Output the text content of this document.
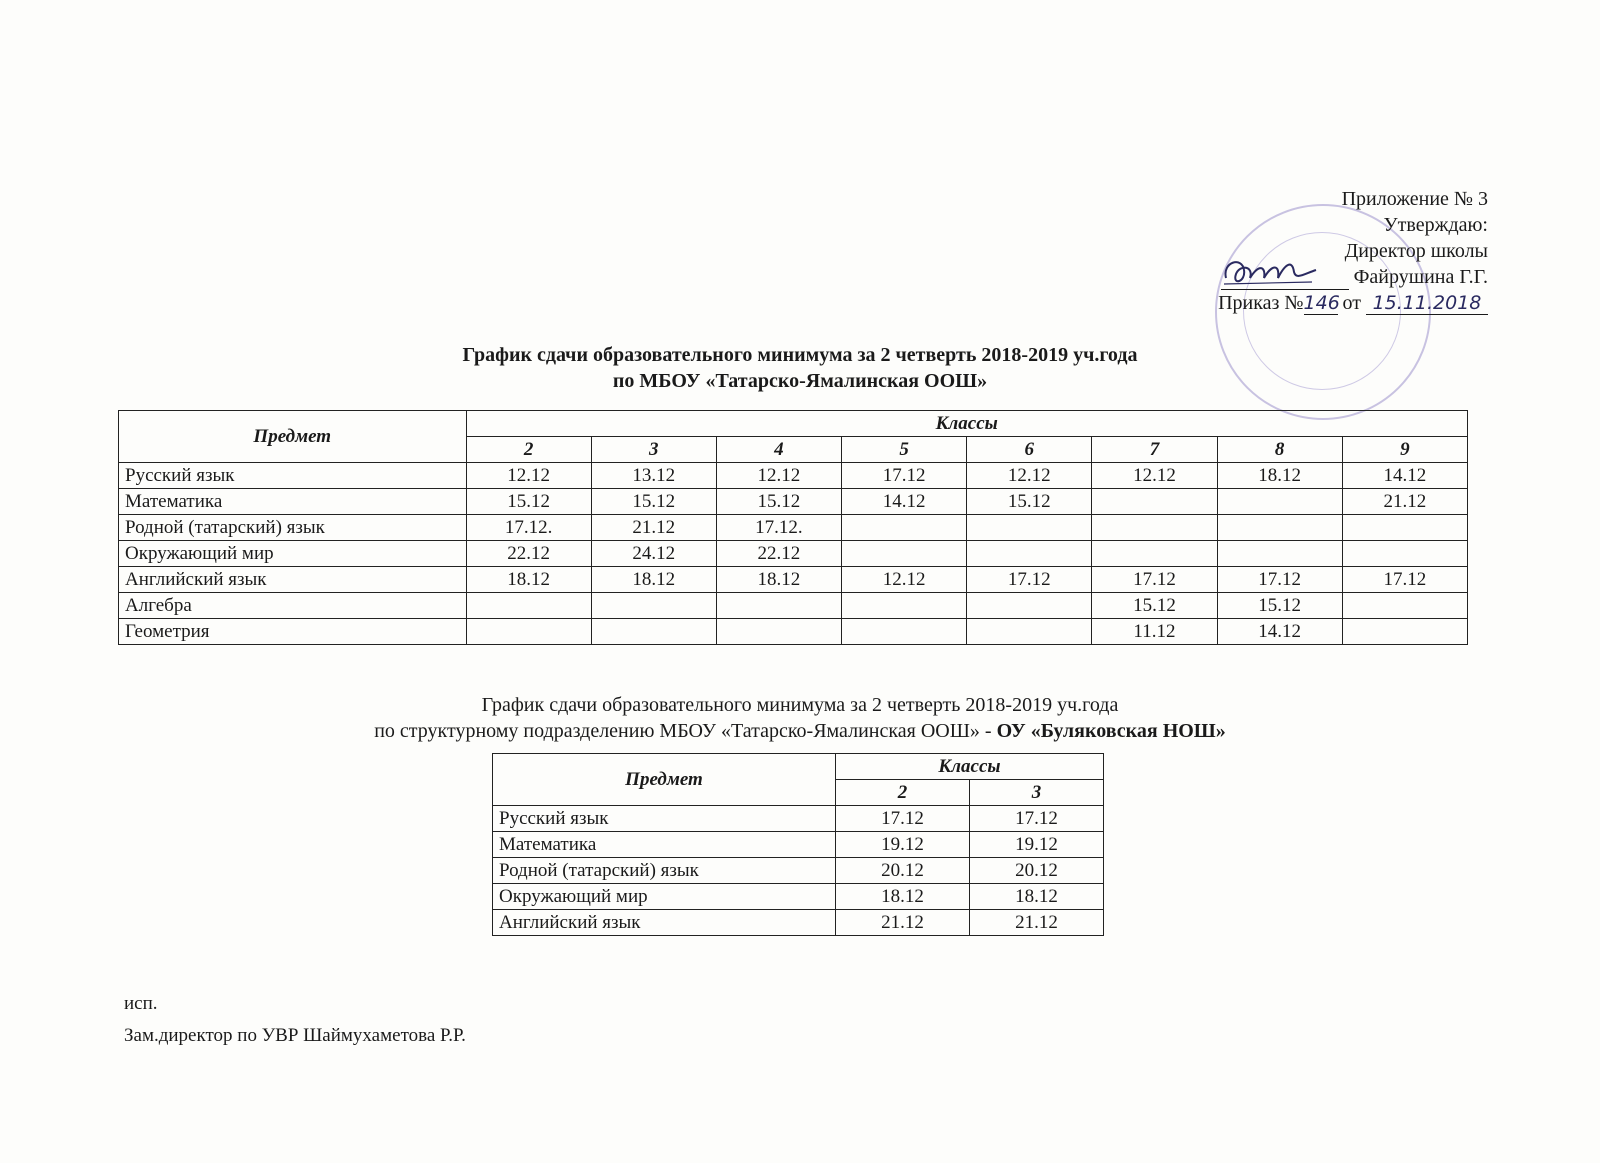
Приложение № 3
Утверждаю:
Директор школы
Файрушина Г.Г.
Приказ №146 от 15.11.2018
График сдачи образовательного минимума за 2 четверть 2018-2019 уч.года
по МБОУ «Татарско-Ямалинская ООШ»
Предмет	Классы							
	2	3	4	5	6	7	8	9
Русский язык	12.12	13.12	12.12	17.12	12.12	12.12	18.12	14.12
Математика	15.12	15.12	15.12	14.12	15.12			21.12
Родной (татарский) язык	17.12.	21.12	17.12.					
Окружающий мир	22.12	24.12	22.12					
Английский язык	18.12	18.12	18.12	12.12	17.12	17.12	17.12	17.12
Алгебра						15.12	15.12	
Геометрия						11.12	14.12	
График сдачи образовательного минимума за 2 четверть 2018-2019 уч.года
по структурному подразделению МБОУ «Татарско-Ямалинская ООШ» - ОУ «Буляковская НОШ»
Предмет	Классы	
	2	3
Русский язык	17.12	17.12
Математика	19.12	19.12
Родной (татарский) язык	20.12	20.12
Окружающий мир	18.12	18.12
Английский язык	21.12	21.12
исп.
Зам.директор по УВР Шаймухаметова Р.Р.
